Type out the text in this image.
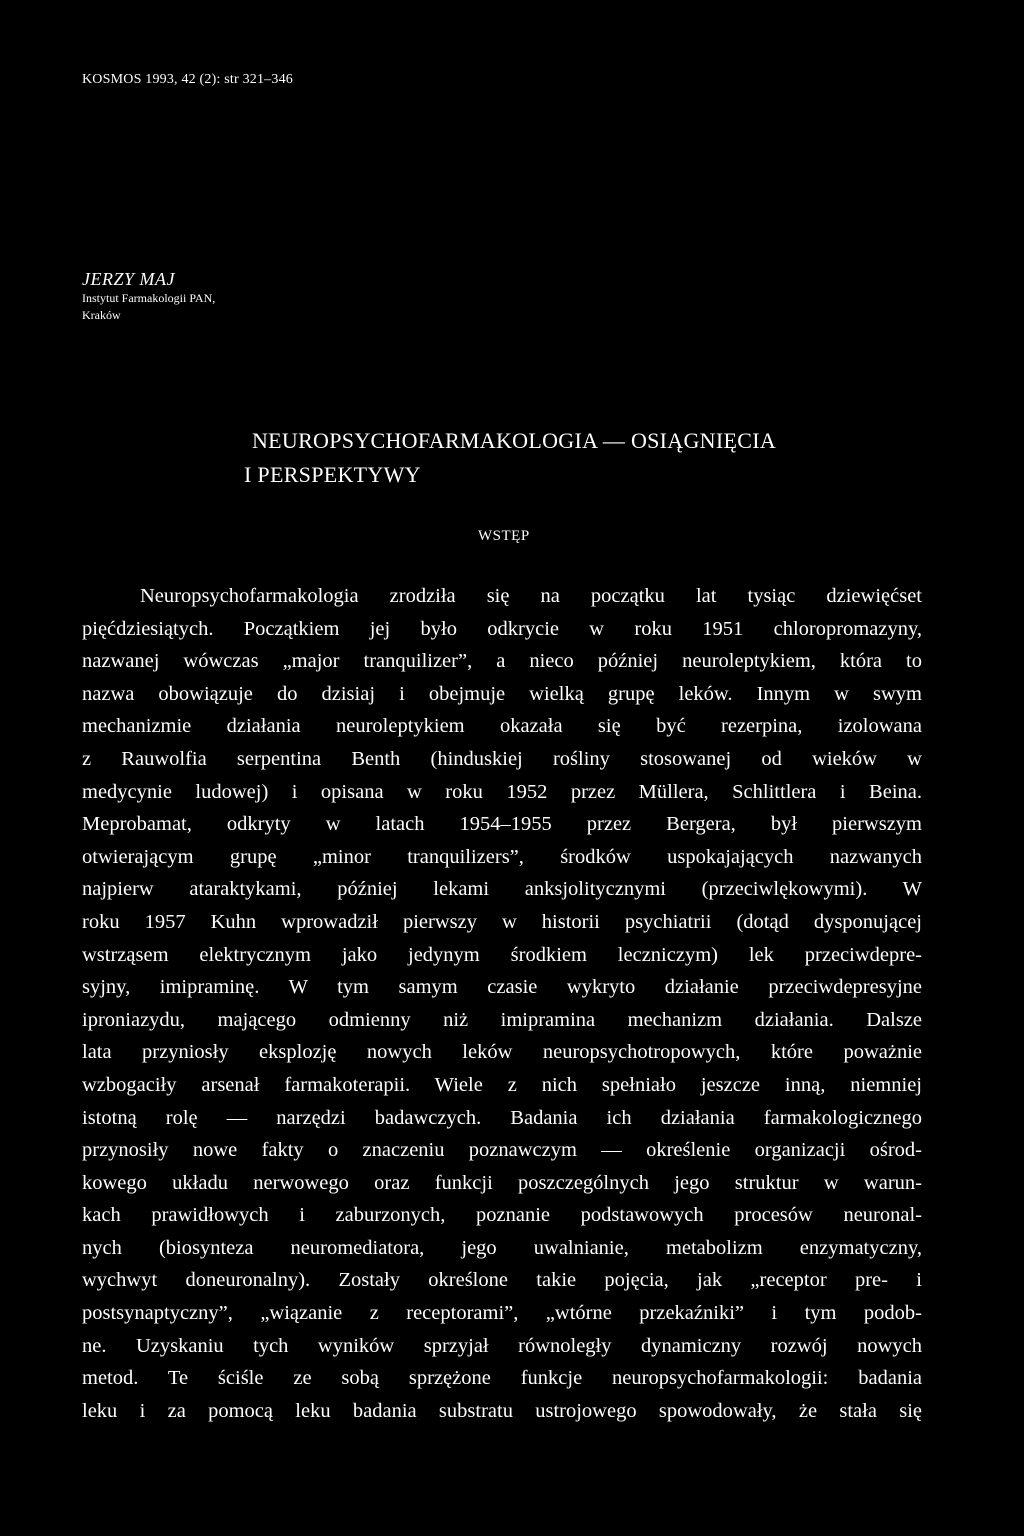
KOSMOS 1993, 42 (2): str 321–346
JERZY MAJ
Instytut Farmakologii PAN,
Kraków
NEUROPSYCHOFARMAKOLOGIA — OSIĄGNIĘCIA
I PERSPEKTYWY
WSTĘP
Neuropsychofarmakologia zrodziła się na początku lat tysiąc dziewięćset
pięćdziesiątych. Początkiem jej było odkrycie w roku 1951 chloropromazyny,
nazwanej wówczas „major tranquilizer”, a nieco później neuroleptykiem, która to
nazwa obowiązuje do dzisiaj i obejmuje wielką grupę leków. Innym w swym
mechanizmie działania neuroleptykiem okazała się być rezerpina, izolowana
z Rauwolfia serpentina Benth (hinduskiej rośliny stosowanej od wieków w
medycynie ludowej) i opisana w roku 1952 przez Müllera, Schlittlera i Beina.
Meprobamat, odkryty w latach 1954–1955 przez Bergera, był pierwszym
otwierającym grupę „minor tranquilizers”, środków uspokajających nazwanych
najpierw ataraktykami, później lekami anksjolitycznymi (przeciwlękowymi). W
roku 1957 Kuhn wprowadził pierwszy w historii psychiatrii (dotąd dysponującej
wstrząsem elektrycznym jako jedynym środkiem leczniczym) lek przeciwdepre-
syjny, imipraminę. W tym samym czasie wykryto działanie przeciwdepresyjne
iproniazydu, mającego odmienny niż imipramina mechanizm działania. Dalsze
lata przyniosły eksplozję nowych leków neuropsychotropowych, które poważnie
wzbogaciły arsenał farmakoterapii. Wiele z nich spełniało jeszcze inną, niemniej
istotną rolę — narzędzi badawczych. Badania ich działania farmakologicznego
przynosiły nowe fakty o znaczeniu poznawczym — określenie organizacji ośrod-
kowego układu nerwowego oraz funkcji poszczególnych jego struktur w warun-
kach prawidłowych i zaburzonych, poznanie podstawowych procesów neuronal-
nych (biosynteza neuromediatora, jego uwalnianie, metabolizm enzymatyczny,
wychwyt doneuronalny). Zostały określone takie pojęcia, jak „receptor pre- i
postsynaptyczny”, „wiązanie z receptorami”, „wtórne przekaźniki” i tym podob-
ne. Uzyskaniu tych wyników sprzyjał równoległy dynamiczny rozwój nowych
metod. Te ściśle ze sobą sprzężone funkcje neuropsychofarmakologii: badania
leku i za pomocą leku badania substratu ustrojowego spowodowały, że stała się
